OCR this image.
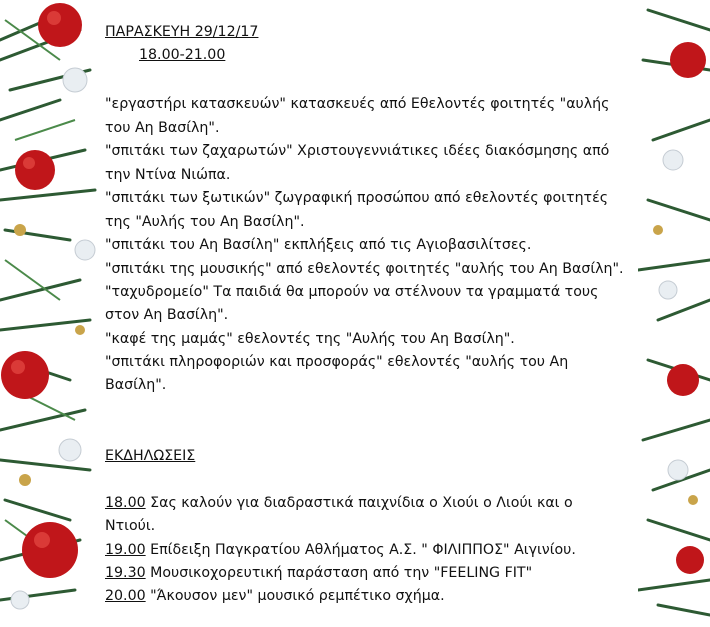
ΠΑΡΑΣΚΕΥΗ 29/12/17
18.00-21.00
"εργαστήρι κατασκευών" κατασκευές από Εθελοντές φοιτητές "αυλής
του Αη Βασίλη".
"σπιτάκι των ζαχαρωτών" Χριστουγεννιάτικες ιδέες διακόσμησης από
την Ντίνα Νιώπα.
"σπιτάκι των ξωτικών" ζωγραφική προσώπου από εθελοντές φοιτητές
της "Αυλής του Αη Βασίλη".
"σπιτάκι του Αη Βασίλη" εκπλήξεις από τις Αγιοβασιλίτσες.
"σπιτάκι της μουσικής" από εθελοντές φοιτητές "αυλής του Αη Βασίλη".
"ταχυδρομείο" Τα παιδιά θα μπορούν να στέλνουν τα γραμματά τους
στον Αη Βασίλη".
"καφέ της μαμάς" εθελοντές της "Αυλής του Αη Βασίλη".
"σπιτάκι πληροφοριών και προσφοράς" εθελοντές "αυλής του Αη
Βασίλη".
ΕΚΔΗΛΩΣΕΙΣ
18.00 Σας καλούν για διαδραστικά παιχνίδια ο Χιούι ο Λιούι και ο
Ντιούι.
19.00 Επίδειξη Παγκρατίου Αθλήματος Α.Σ. " ΦΙΛΙΠΠΟΣ" Αιγινίου.
19.30 Μουσικοχορευτική παράσταση από την "FEELING FIT"
20.00 "Άκουσον μεν" μουσικό ρεμπέτικο σχήμα.
